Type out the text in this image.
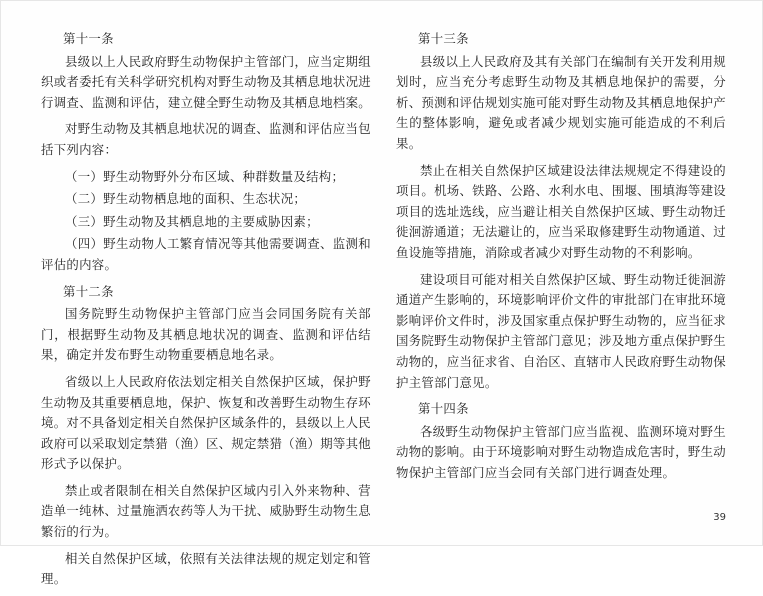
第十一条

县级以上人民政府野生动物保护主管部门，应当定期组织或者委托有关科学研究机构对野生动物及其栖息地状况进行调查、监测和评估，建立健全野生动物及其栖息地档案。

对野生动物及其栖息地状况的调查、监测和评估应当包括下列内容：

（一）野生动物野外分布区域、种群数量及结构；

（二）野生动物栖息地的面积、生态状况；

（三）野生动物及其栖息地的主要威胁因素；

（四）野生动物人工繁育情况等其他需要调查、监测和评估的内容。

第十二条

国务院野生动物保护主管部门应当会同国务院有关部门，根据野生动物及其栖息地状况的调查、监测和评估结果，确定并发布野生动物重要栖息地名录。

省级以上人民政府依法划定相关自然保护区域，保护野生动物及其重要栖息地，保护、恢复和改善野生动物生存环境。对不具备划定相关自然保护区域条件的，县级以上人民政府可以采取划定禁猎（渔）区、规定禁猎（渔）期等其他形式予以保护。

禁止或者限制在相关自然保护区域内引入外来物种、营造单一纯林、过量施洒农药等人为干扰、威胁野生动物生息繁衍的行为。

相关自然保护区域，依照有关法律法规的规定划定和管理。

第十三条

县级以上人民政府及其有关部门在编制有关开发利用规划时，应当充分考虑野生动物及其栖息地保护的需要，分析、预测和评估规划实施可能对野生动物及其栖息地保护产生的整体影响，避免或者减少规划实施可能造成的不利后果。

禁止在相关自然保护区域建设法律法规规定不得建设的项目。机场、铁路、公路、水利水电、围堰、围填海等建设项目的选址选线，应当避让相关自然保护区域、野生动物迁徙洄游通道；无法避让的，应当采取修建野生动物通道、过鱼设施等措施，消除或者减少对野生动物的不利影响。

建设项目可能对相关自然保护区域、野生动物迁徙洄游通道产生影响的，环境影响评价文件的审批部门在审批环境影响评价文件时，涉及国家重点保护野生动物的，应当征求国务院野生动物保护主管部门意见；涉及地方重点保护野生动物的，应当征求省、自治区、直辖市人民政府野生动物保护主管部门意见。

第十四条

各级野生动物保护主管部门应当监视、监测环境对野生动物的影响。由于环境影响对野生动物造成危害时，野生动物保护主管部门应当会同有关部门进行调查处理。

39
